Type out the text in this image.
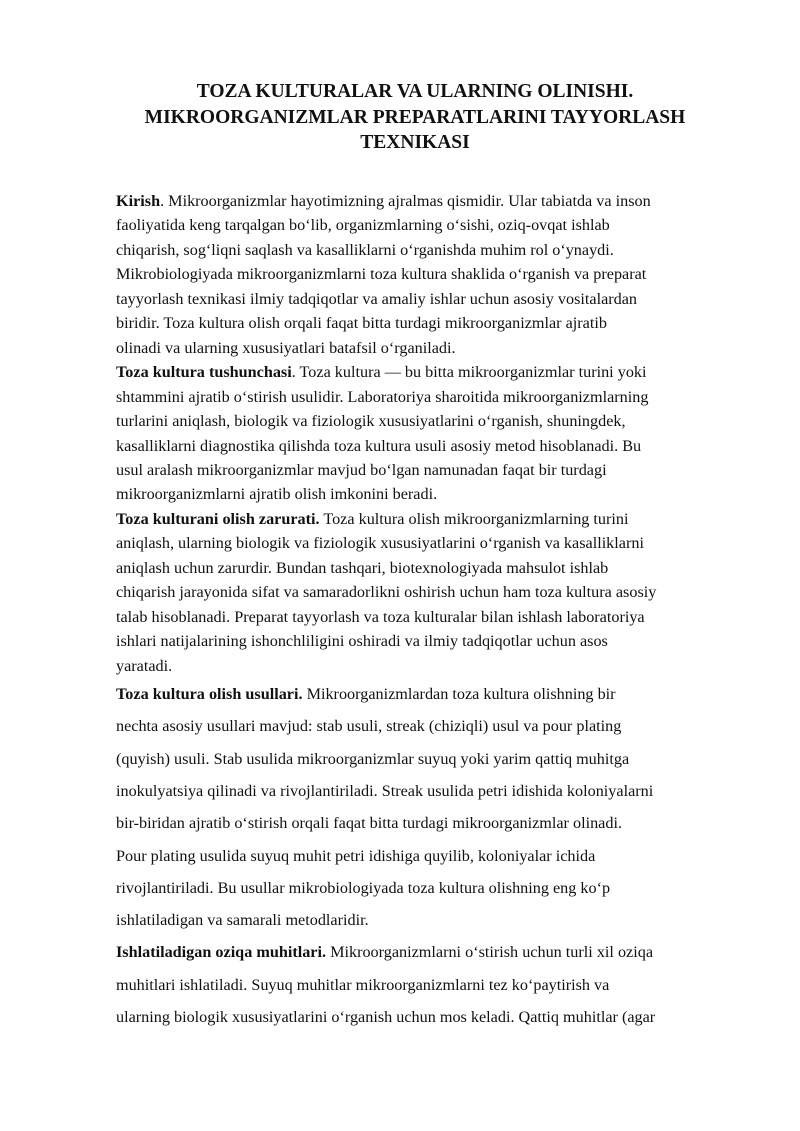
TOZA KULTURALAR VA ULARNING OLINISHI.
MIKROORGANIZMLAR PREPARATLARINI TAYYORLASH
TEXNIKASI
Kirish. Mikroorganizmlar hayotimizning ajralmas qismidir. Ular tabiatda va inson
faoliyatida keng tarqalgan bo‘lib, organizmlarning o‘sishi, oziq-ovqat ishlab
chiqarish, sog‘liqni saqlash va kasalliklarni o‘rganishda muhim rol o‘ynaydi.
Mikrobiologiyada mikroorganizmlarni toza kultura shaklida o‘rganish va preparat
tayyorlash texnikasi ilmiy tadqiqotlar va amaliy ishlar uchun asosiy vositalardan
biridir. Toza kultura olish orqali faqat bitta turdagi mikroorganizmlar ajratib
olinadi va ularning xususiyatlari batafsil o‘rganiladi.
Toza kultura tushunchasi. Toza kultura — bu bitta mikroorganizmlar turini yoki
shtammini ajratib o‘stirish usulidir. Laboratoriya sharoitida mikroorganizmlarning
turlarini aniqlash, biologik va fiziologik xususiyatlarini o‘rganish, shuningdek,
kasalliklarni diagnostika qilishda toza kultura usuli asosiy metod hisoblanadi. Bu
usul aralash mikroorganizmlar mavjud bo‘lgan namunadan faqat bir turdagi
mikroorganizmlarni ajratib olish imkonini beradi.
Toza kulturani olish zarurati. Toza kultura olish mikroorganizmlarning turini
aniqlash, ularning biologik va fiziologik xususiyatlarini o‘rganish va kasalliklarni
aniqlash uchun zarurdir. Bundan tashqari, biotexnologiyada mahsulot ishlab
chiqarish jarayonida sifat va samaradorlikni oshirish uchun ham toza kultura asosiy
talab hisoblanadi. Preparat tayyorlash va toza kulturalar bilan ishlash laboratoriya
ishlari natijalarining ishonchliligini oshiradi va ilmiy tadqiqotlar uchun asos
yaratadi.
Toza kultura olish usullari. Mikroorganizmlardan toza kultura olishning bir
nechta asosiy usullari mavjud: stab usuli, streak (chiziqli) usul va pour plating
(quyish) usuli. Stab usulida mikroorganizmlar suyuq yoki yarim qattiq muhitga
inokulyatsiya qilinadi va rivojlantiriladi. Streak usulida petri idishida koloniyalarni
bir-biridan ajratib o‘stirish orqali faqat bitta turdagi mikroorganizmlar olinadi.
Pour plating usulida suyuq muhit petri idishiga quyilib, koloniyalar ichida
rivojlantiriladi. Bu usullar mikrobiologiyada toza kultura olishning eng ko‘p
ishlatiladigan va samarali metodlaridir.
Ishlatiladigan oziqa muhitlari. Mikroorganizmlarni o‘stirish uchun turli xil oziqa
muhitlari ishlatiladi. Suyuq muhitlar mikroorganizmlarni tez ko‘paytirish va
ularning biologik xususiyatlarini o‘rganish uchun mos keladi. Qattiq muhitlar (agar
